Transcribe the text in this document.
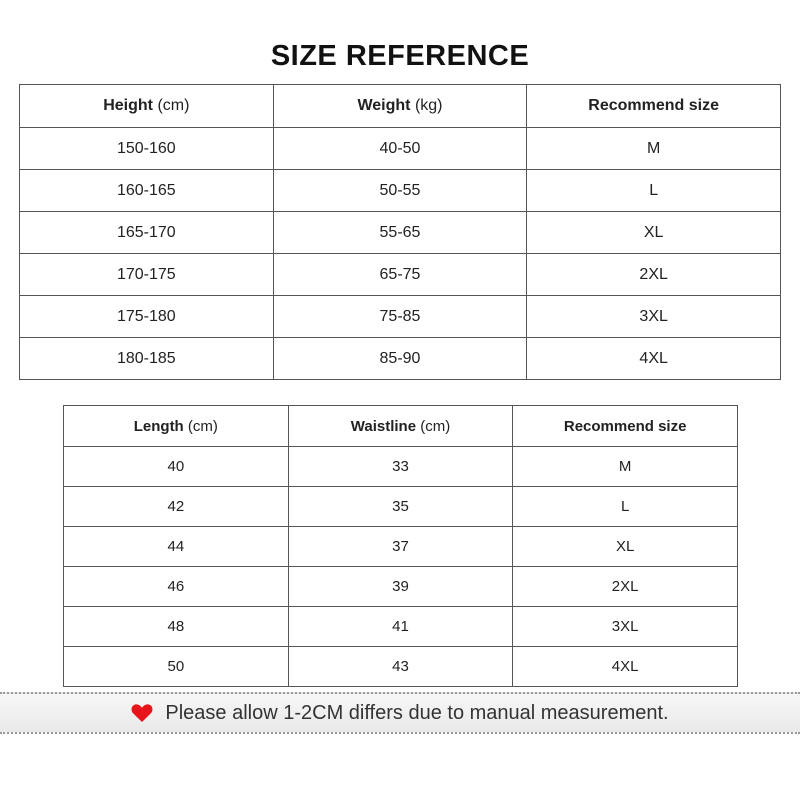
SIZE REFERENCE
Height (cm)	Weight (kg)	Recommend size
150-160	40-50	M
160-165	50-55	L
165-170	55-65	XL
170-175	65-75	2XL
175-180	75-85	3XL
180-185	85-90	4XL
Length (cm)	Waistline (cm)	Recommend size
40	33	M
42	35	L
44	37	XL
46	39	2XL
48	41	3XL
50	43	4XL
Please allow 1-2CM differs due to manual measurement.
